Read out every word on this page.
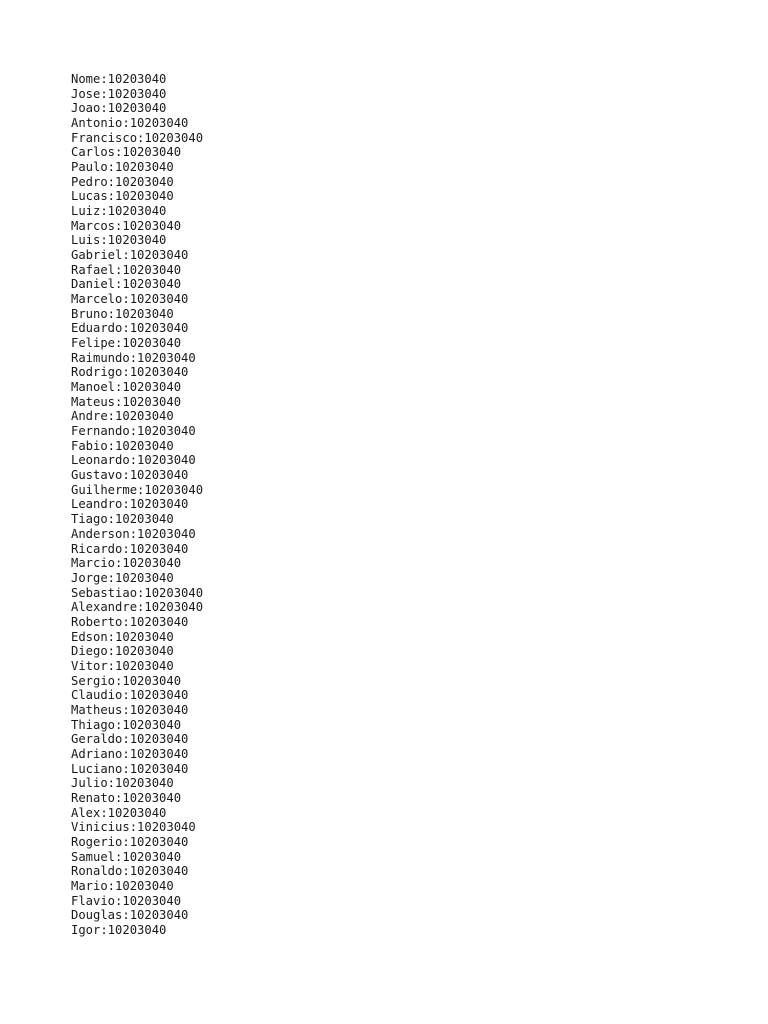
Nome:10203040
Jose:10203040
Joao:10203040
Antonio:10203040
Francisco:10203040
Carlos:10203040
Paulo:10203040
Pedro:10203040
Lucas:10203040
Luiz:10203040
Marcos:10203040
Luis:10203040
Gabriel:10203040
Rafael:10203040
Daniel:10203040
Marcelo:10203040
Bruno:10203040
Eduardo:10203040
Felipe:10203040
Raimundo:10203040
Rodrigo:10203040
Manoel:10203040
Mateus:10203040
Andre:10203040
Fernando:10203040
Fabio:10203040
Leonardo:10203040
Gustavo:10203040
Guilherme:10203040
Leandro:10203040
Tiago:10203040
Anderson:10203040
Ricardo:10203040
Marcio:10203040
Jorge:10203040
Sebastiao:10203040
Alexandre:10203040
Roberto:10203040
Edson:10203040
Diego:10203040
Vitor:10203040
Sergio:10203040
Claudio:10203040
Matheus:10203040
Thiago:10203040
Geraldo:10203040
Adriano:10203040
Luciano:10203040
Julio:10203040
Renato:10203040
Alex:10203040
Vinicius:10203040
Rogerio:10203040
Samuel:10203040
Ronaldo:10203040
Mario:10203040
Flavio:10203040
Douglas:10203040
Igor:10203040
